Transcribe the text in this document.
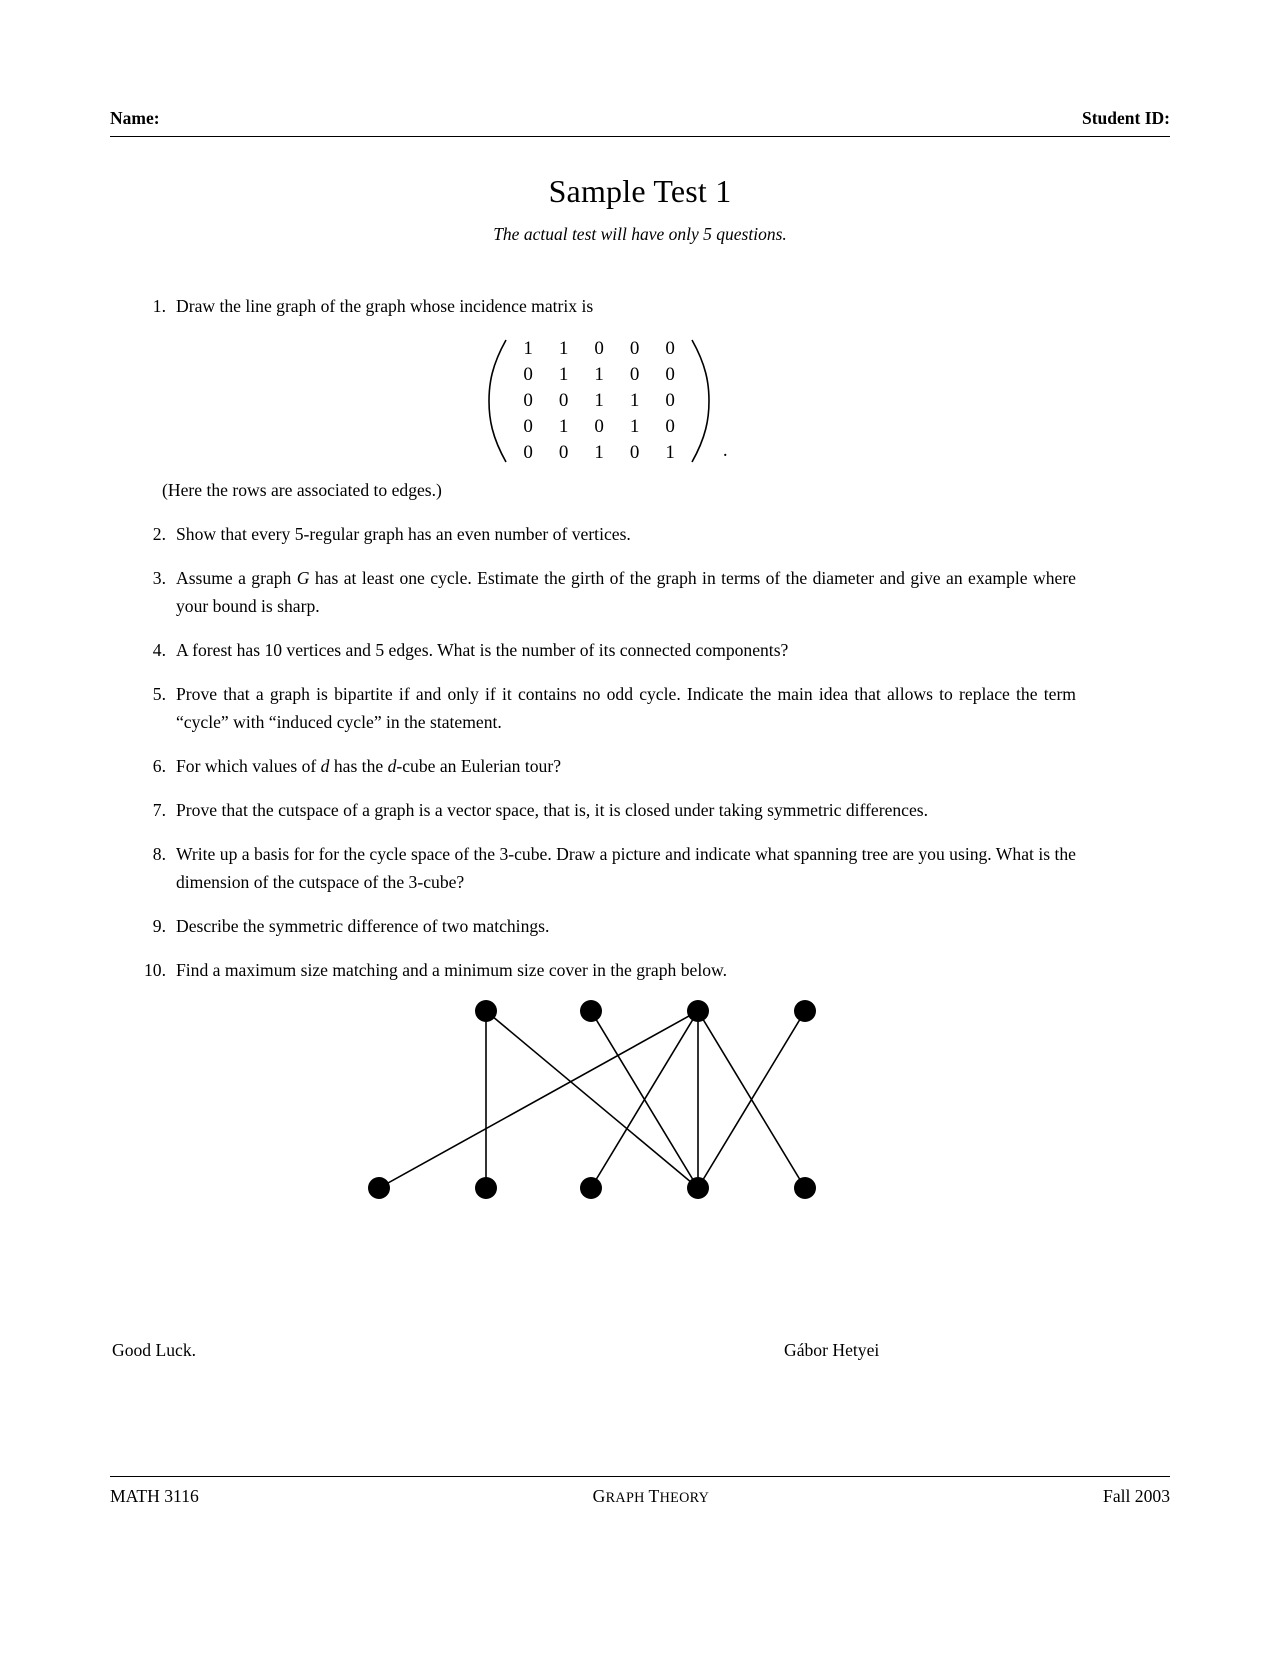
Name:	Student ID:
Sample Test 1
The actual test will have only 5 questions.
1. Draw the line graph of the graph whose incidence matrix is
1	1	0	0	0
0	1	1	0	0
0	0	1	1	0
0	1	0	1	0
0	0	1	0	1	.
(Here the rows are associated to edges.)
2. Show that every 5-regular graph has an even number of vertices.
3. Assume a graph G has at least one cycle. Estimate the girth of the graph in terms of the diameter and give an example where your bound is sharp.
4. A forest has 10 vertices and 5 edges. What is the number of its connected components?
5. Prove that a graph is bipartite if and only if it contains no odd cycle. Indicate the main idea that allows to replace the term “cycle” with “induced cycle” in the statement.
6. For which values of d has the d-cube an Eulerian tour?
7. Prove that the cutspace of a graph is a vector space, that is, it is closed under taking symmetric differences.
8. Write up a basis for for the cycle space of the 3-cube. Draw a picture and indicate what spanning tree are you using. What is the dimension of the cutspace of the 3-cube?
9. Describe the symmetric difference of two matchings.
10. Find a maximum size matching and a minimum size cover in the graph below.
Good Luck.	Gábor Hetyei
MATH 3116	GRAPH THEORY	Fall 2003
